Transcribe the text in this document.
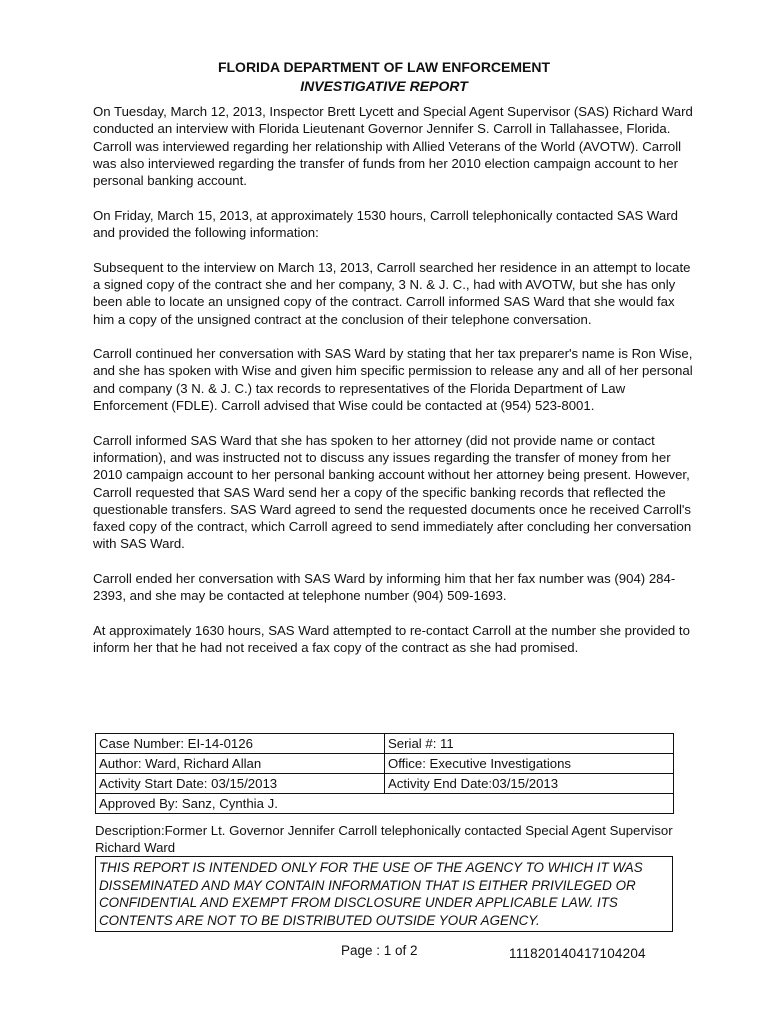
FLORIDA DEPARTMENT OF LAW ENFORCEMENT
INVESTIGATIVE REPORT

On Tuesday, March 12, 2013, Inspector Brett Lycett and Special Agent Supervisor (SAS) Richard Ward conducted an interview with Florida Lieutenant Governor Jennifer S. Carroll in Tallahassee, Florida. Carroll was interviewed regarding her relationship with Allied Veterans of the World (AVOTW). Carroll was also interviewed regarding the transfer of funds from her 2010 election campaign account to her personal banking account.

On Friday, March 15, 2013, at approximately 1530 hours, Carroll telephonically contacted SAS Ward and provided the following information:

Subsequent to the interview on March 13, 2013, Carroll searched her residence in an attempt to locate a signed copy of the contract she and her company, 3 N. & J. C., had with AVOTW, but she has only been able to locate an unsigned copy of the contract. Carroll informed SAS Ward that she would fax him a copy of the unsigned contract at the conclusion of their telephone conversation.

Carroll continued her conversation with SAS Ward by stating that her tax preparer's name is Ron Wise, and she has spoken with Wise and given him specific permission to release any and all of her personal and company (3 N. & J. C.) tax records to representatives of the Florida Department of Law Enforcement (FDLE). Carroll advised that Wise could be contacted at (954) 523-8001.

Carroll informed SAS Ward that she has spoken to her attorney (did not provide name or contact information), and was instructed not to discuss any issues regarding the transfer of money from her 2010 campaign account to her personal banking account without her attorney being present. However, Carroll requested that SAS Ward send her a copy of the specific banking records that reflected the questionable transfers. SAS Ward agreed to send the requested documents once he received Carroll's faxed copy of the contract, which Carroll agreed to send immediately after concluding her conversation with SAS Ward.

Carroll ended her conversation with SAS Ward by informing him that her fax number was (904) 284-2393, and she may be contacted at telephone number (904) 509-1693.

At approximately 1630 hours, SAS Ward attempted to re-contact Carroll at the number she provided to inform her that he had not received a fax copy of the contract as she had promised.

Case Number: EI-14-0126	Serial #: 11
Author: Ward, Richard Allan	Office: Executive Investigations
Activity Start Date: 03/15/2013	Activity End Date:03/15/2013
Approved By: Sanz, Cynthia J.	
Description:Former Lt. Governor Jennifer Carroll telephonically contacted Special Agent Supervisor Richard Ward
THIS REPORT IS INTENDED ONLY FOR THE USE OF THE AGENCY TO WHICH IT WAS DISSEMINATED AND MAY CONTAIN INFORMATION THAT IS EITHER PRIVILEGED OR CONFIDENTIAL AND EXEMPT FROM DISCLOSURE UNDER APPLICABLE LAW. ITS CONTENTS ARE NOT TO BE DISTRIBUTED OUTSIDE YOUR AGENCY.
Page : 1 of 2	111820140417104204
